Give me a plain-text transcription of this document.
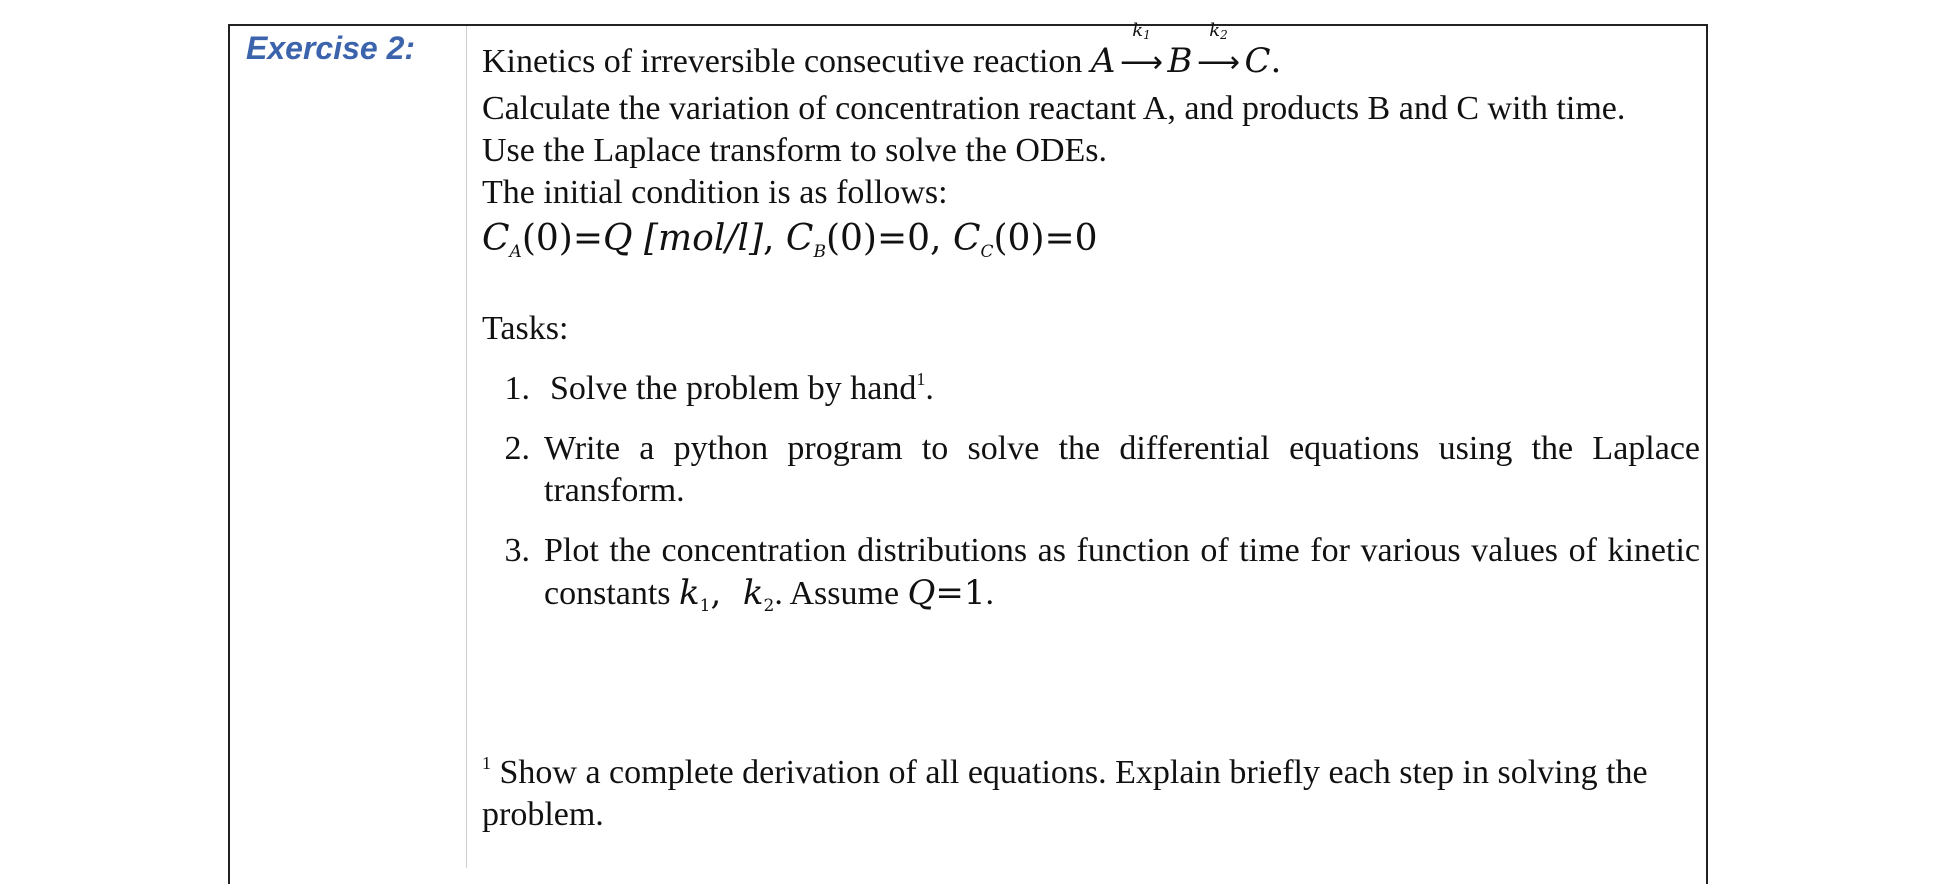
Exercise 2: Kinetics of irreversible consecutive reaction A
$k_1$
⟶ B
$k_2$
⟶ C.

Calculate the variation of concentration reactant A, and products B and C with time.

Use the Laplace transform to solve the ODEs.

The initial condition is as follows:

$C_A(0)=Q$ [mol/l], $C_B(0)=0$, $C_C(0)=0$

Tasks:

1. Solve the problem by hand$^1$.
2. Write a python program to solve the differential equations using the Laplace transform.
3. Plot the concentration distributions as function of time for various values of kinetic constants $k_1$,  $k_2$. Assume Q=1.
$^1$ Show a complete derivation of all equations. Explain briefly each step in solving the problem.
